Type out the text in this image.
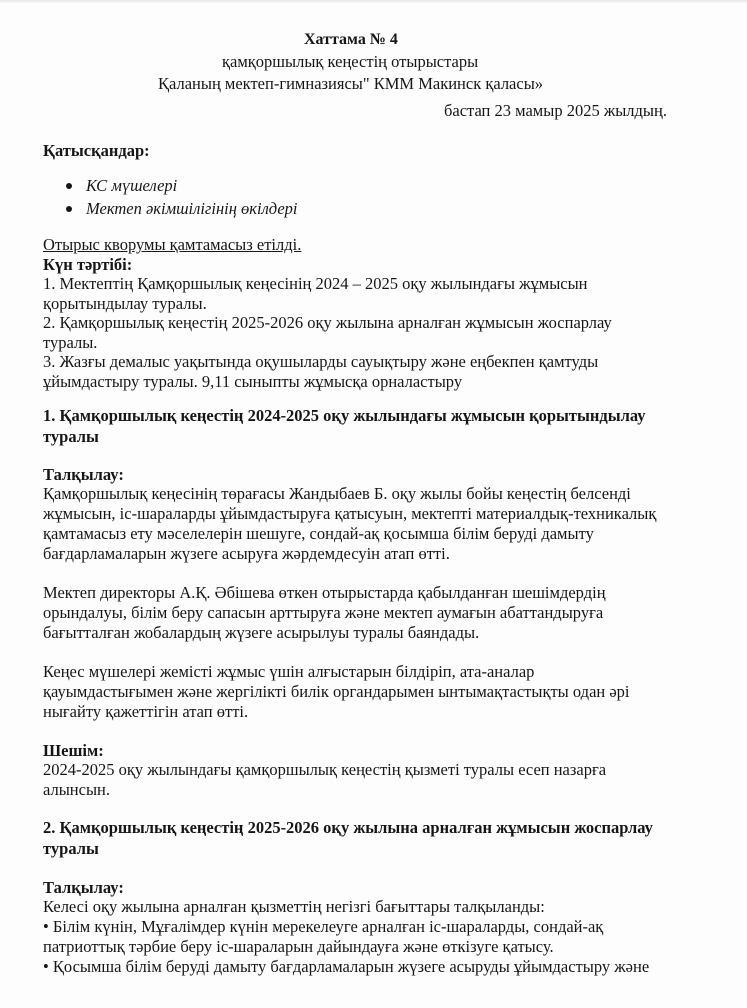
Хаттама № 4
қамқоршылық кеңестің отырыстары
Қаланың мектеп-гимназиясы" КММ Макинск қаласы»
бастап 23 мамыр 2025 жылдың.
Қатысқандар:
КС мүшелері
Мектеп әкімшілігінің өкілдері
Отырыс кворумы қамтамасыз етілді.
Күн тәртібі:
1. Мектептің Қамқоршылық кеңесінің 2024 – 2025 оқу жылындағы жұмысын
қорытындылау туралы.
2. Қамқоршылық кеңестің 2025-2026 оқу жылына арналған жұмысын жоспарлау
туралы.
3. Жазғы демалыс уақытында оқушыларды сауықтыру және еңбекпен қамтуды
ұйымдастыру туралы. 9,11 сыныпты жұмысқа орналастыру
1. Қамқоршылық кеңестің 2024-2025 оқу жылындағы жұмысын қорытындылау
туралы
Талқылау:
Қамқоршылық кеңесінің төрағасы Жандыбаев Б. оқу жылы бойы кеңестің белсенді
жұмысын, іс-шараларды ұйымдастыруға қатысуын, мектепті материалдық-техникалық
қамтамасыз ету мәселелерін шешуге, сондай-ақ қосымша білім беруді дамыту
бағдарламаларын жүзеге асыруға жәрдемдесуін атап өтті.
Мектеп директоры А.Қ. Әбішева өткен отырыстарда қабылданған шешімдердің
орындалуы, білім беру сапасын арттыруға және мектеп аумағын абаттандыруға
бағытталған жобалардың жүзеге асырылуы туралы баяндады.
Кеңес мүшелері жемісті жұмыс үшін алғыстарын білдіріп, ата-аналар
қауымдастығымен және жергілікті билік органдарымен ынтымақтастықты одан әрі
нығайту қажеттігін атап өтті.
Шешім:
2024-2025 оқу жылындағы қамқоршылық кеңестің қызметі туралы есеп назарға
алынсын.
2. Қамқоршылық кеңестің 2025-2026 оқу жылына арналған жұмысын жоспарлау
туралы
Талқылау:
Келесі оқу жылына арналған қызметтің негізгі бағыттары талқыланды:
• Білім күнін, Мұғалімдер күнін мерекелеуге арналған іс-шараларды, сондай-ақ
патриоттық тәрбие беру іс-шараларын дайындауға және өткізуге қатысу.
• Қосымша білім беруді дамыту бағдарламаларын жүзеге асыруды ұйымдастыру және
